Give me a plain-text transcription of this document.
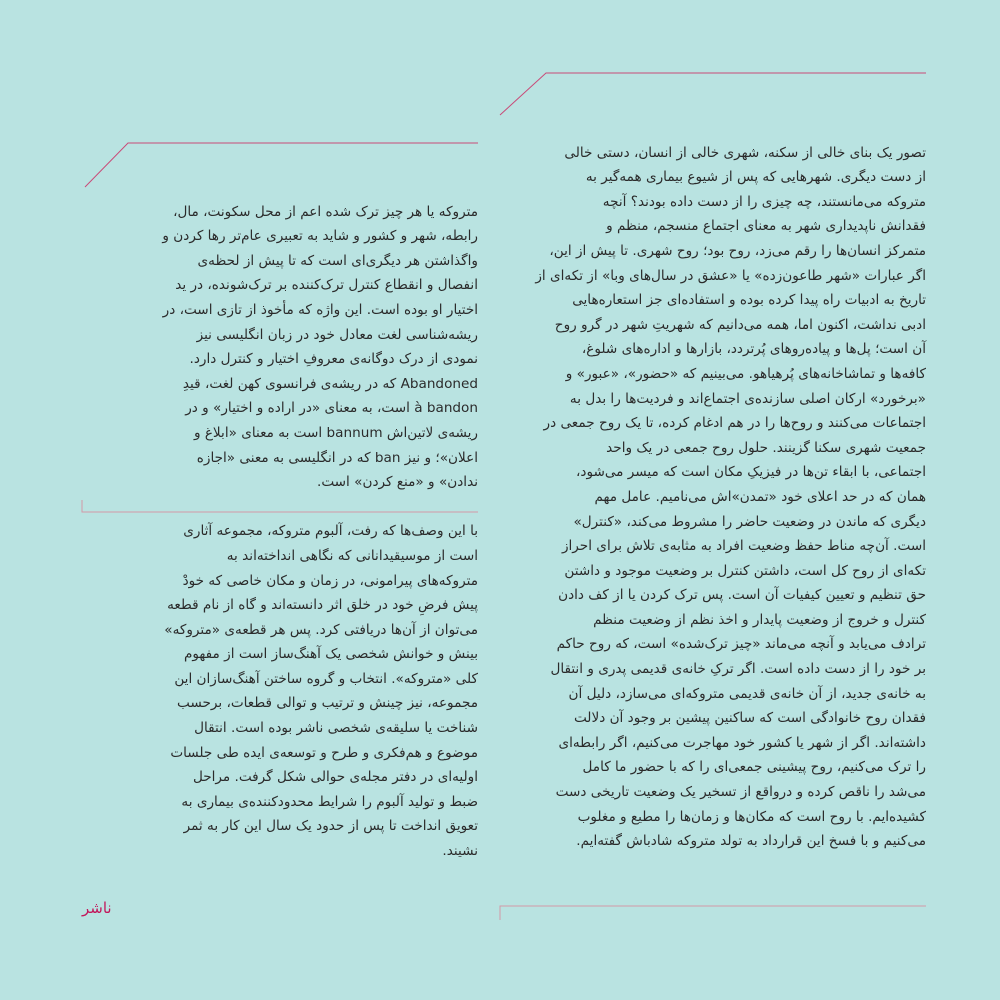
تصور یک بنای خالی از سکنه، شهری خالی از انسان، دستی خالی
از دست دیگری. شهرهایی که پس از شیوع بیماری همه‌گیر به
متروکه می‌مانستند، چه چیزی را از دست داده بودند؟ آنچه
فقدانش ناپدیداری شهر به معنای اجتماع منسجم، منظم و
متمرکز انسان‌ها را رقم می‌زد، روح بود؛ روح شهری. تا پیش از این،
اگر عبارات «شهر طاعون‌زده» یا «عشق در سال‌های وبا» از تکه‌ای از
تاریخ به ادبیات راه پیدا کرده بوده و استفاده‌ای جز استعاره‌هایی
ادبی نداشت، اکنون اما، همه می‌دانیم که شهریتِ شهر در گرو روح
آن است؛ پل‌ها و پیاده‌روهای پُرتردد، بازارها و اداره‌های شلوغ،
کافه‌ها و تماشاخانه‌های پُرهیاهو. می‌بینیم که «حضور»، «عبور» و
«برخورد» ارکان اصلی سازنده‌ی اجتماع‌اند و فردیت‌ها را بدل به
اجتماعات می‌کنند و روح‌ها را در هم ادغام کرده، تا یک روح جمعی در
جمعیت شهری سکنا گزینند. حلول روح جمعی در یک واحد
اجتماعی، با ابقاء تن‌ها در فیزیکِ مکان است که میسر می‌شود،
همان که در حد اعلای خود «تمدن»اش می‌نامیم. عامل مهم
دیگری که ماندن در وضعیت حاضر را مشروط می‌کند، «کنترل»
است. آن‌چه مناط حفظ وضعیت افراد به مثابه‌ی تلاش برای احراز
تکه‌ای از روح کل است، داشتن کنترل بر وضعیت موجود و داشتن
حق تنظیم و تعیین کیفیات آن است. پس ترک کردن یا از کف دادن
کنترل و خروج از وضعیت پایدار و اخذ نظم از وضعیت منظم
ترادف می‌یابد و آنچه می‌ماند «چیز ترک‌شده» است، که روح حاکم
بر خود را از دست داده است. اگر ترکِ خانه‌ی قدیمی پدری و انتقال
به خانه‌ی جدید، از آن خانه‌ی قدیمی متروکه‌ای می‌سازد، دلیل آن
فقدان روح خانوادگی است که ساکنین پیشین بر وجود آن دلالت
داشته‌اند. اگر از شهر یا کشور خود مهاجرت می‌کنیم، اگر رابطه‌ای
را ترک می‌کنیم، روح پیشینی جمعی‌ای را که با حضور ما کامل
می‌شد را ناقص کرده و درواقع از تسخیر یک وضعیت تاریخی دست
کشیده‌ایم. با روح است که مکان‌ها و زمان‌ها را مطیع و مغلوب
می‌کنیم و با فسخ این قرارداد به تولد متروکه شادباش گفته‌ایم.

متروکه یا هر چیز ترک شده اعم از محل سکونت، مال،
رابطه، شهر و کشور و شاید به تعبیری عام‌تر رها کردن و
واگذاشتن هر دیگری‌ای است که تا پیش از لحظه‌ی
انفصال و انقطاع کنترل ترک‌کننده بر ترک‌شونده، در ید
اختیار او بوده است. این واژه که مأخوذ از تازی است، در
ریشه‌شناسی لغت معادل خود در زبان انگلیسی نیز
نمودی از درک دوگانه‌ی معروفِ اختیار و کنترل دارد.
Abandoned که در ریشه‌ی فرانسوی کهن لغت، قیدِ
à bandon است، به معنای «در اراده و اختیار» و در
ریشه‌ی لاتین‌اش bannum است به معنای «ابلاغ و
اعلان»؛ و نیز ban که در انگلیسی به معنی «اجازه
ندادن» و «منع کردن» است.

با این وصف‌ها که رفت، آلبوم متروکه، مجموعه آثاری
است از موسیقیدانانی که نگاهی انداخته‌اند به
متروکه‌های پیرامونی، در زمان و مکان خاصی که خودْ
پیش فرضِ خود در خلق اثر دانسته‌اند و گاه از نام قطعه
می‌توان از آن‌ها دریافتی کرد. پس هر قطعه‌ی «متروکه»
بینش و خوانش شخصی یک آهنگ‌ساز است از مفهوم
کلی «متروکه». انتخاب و گروه ساختن آهنگ‌سازان این
مجموعه، نیز چینش و ترتیب و توالی قطعات، برحسب
شناخت یا سلیقه‌ی شخصی ناشر بوده است. انتقال
موضوع و هم‌فکری و طرح و توسعه‌ی ایده طی جلسات
اولیه‌ای در دفتر مجله‌ی حوالی شکل گرفت. مراحل
ضبط و تولید آلبوم را شرایط محدودکننده‌ی بیماری به
تعویق انداخت تا پس از حدود یک سال این کار به ثمر
نشیند.

ناشر
